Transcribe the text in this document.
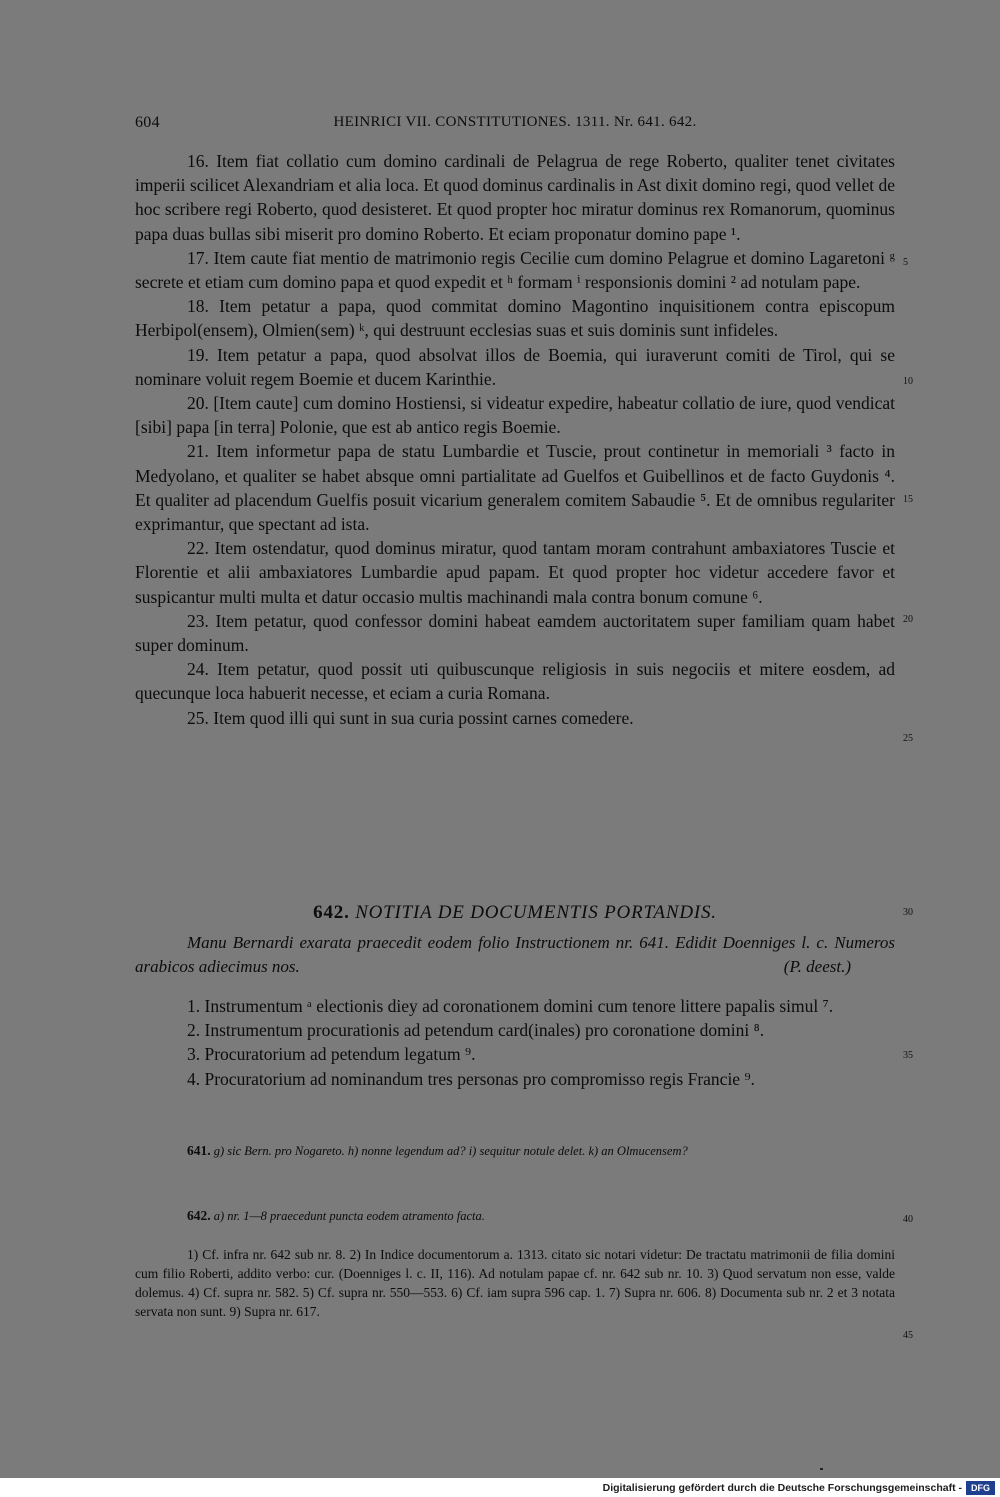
604	HEINRICI VII. CONSTITUTIONES. 1311. Nr. 641. 642.

16. Item fiat collatio cum domino cardinali de Pelagrua de rege Roberto, qualiter tenet civitates imperii scilicet Alexandriam et alia loca. Et quod dominus cardinalis in Ast dixit domino regi, quod vellet de hoc scribere regi Roberto, quod desisteret. Et quod propter hoc miratur dominus rex Romanorum, quominus papa duas bullas sibi miserit pro domino Roberto. Et eciam proponatur domino pape ¹.

17. Item caute fiat mentio de matrimonio regis Cecilie cum domino Pelagrue et domino Lagaretoni ᵍ secrete et etiam cum domino papa et quod expedit et ʰ formam ⁱ responsionis domini ² ad notulam pape.

18. Item petatur a papa, quod commitat domino Magontino inquisitionem contra episcopum Herbipol(ensem), Olmien(sem) ᵏ, qui destruunt ecclesias suas et suis dominis sunt infideles.

19. Item petatur a papa, quod absolvat illos de Boemia, qui iuraverunt comiti de Tirol, qui se nominare voluit regem Boemie et ducem Karinthie.

20. [Item caute] cum domino Hostiensi, si videatur expedire, habeatur collatio de iure, quod vendicat [sibi] papa [in terra] Polonie, que est ab antico regis Boemie.

21. Item informetur papa de statu Lumbardie et Tuscie, prout continetur in memoriali ³ facto in Medyolano, et qualiter se habet absque omni partialitate ad Guelfos et Guibellinos et de facto Guydonis ⁴. Et qualiter ad placendum Guelfis posuit vicarium generalem comitem Sabaudie ⁵. Et de omnibus regulariter exprimantur, que spectant ad ista.

22. Item ostendatur, quod dominus miratur, quod tantam moram contrahunt ambaxiatores Tuscie et Florentie et alii ambaxiatores Lumbardie apud papam. Et quod propter hoc videtur accedere favor et suspicantur multi multa et datur occasio multis machinandi mala contra bonum comune ⁶.

23. Item petatur, quod confessor domini habeat eamdem auctoritatem super familiam quam habet super dominum.

24. Item petatur, quod possit uti quibuscunque religiosis in suis negociis et mitere eosdem, ad quecunque loca habuerit necesse, et eciam a curia Romana.

25. Item quod illi qui sunt in sua curia possint carnes comedere.

5
10
15
20
25
30
35
40
45
642. NOTITIA DE DOCUMENTIS PORTANDIS.

Manu Bernardi exarata praecedit eodem folio Instructionem nr. 641. Edidit Doenniges l. c. Numeros arabicos adiecimus nos.	(P. deest.)

1. Instrumentum ᵃ electionis diey ad coronationem domini cum tenore littere papalis simul ⁷.

2. Instrumentum procurationis ad petendum card(inales) pro coronatione domini ⁸.

3. Procuratorium ad petendum legatum ⁹.

4. Procuratorium ad nominandum tres personas pro compromisso regis Francie ⁹.

641. g) sic Bern. pro Nogareto. h) nonne legendum ad? i) sequitur notule delet. k) an Olmucensem?

642. a) nr. 1—8 praecedunt puncta eodem atramento facta.

1) Cf. infra nr. 642 sub nr. 8. 2) In Indice documentorum a. 1313. citato sic notari videtur: De tractatu matrimonii de filia domini cum filio Roberti, addito verbo: cur. (Doenniges l. c. II, 116). Ad notulam papae cf. nr. 642 sub nr. 10. 3) Quod servatum non esse, valde dolemus. 4) Cf. supra nr. 582. 5) Cf. supra nr. 550—553. 6) Cf. iam supra 596 cap. 1. 7) Supra nr. 606. 8) Documenta sub nr. 2 et 3 notata servata non sunt. 9) Supra nr. 617.

Digitalisierung gefördert durch die Deutsche Forschungsgemeinschaft -	DFG
